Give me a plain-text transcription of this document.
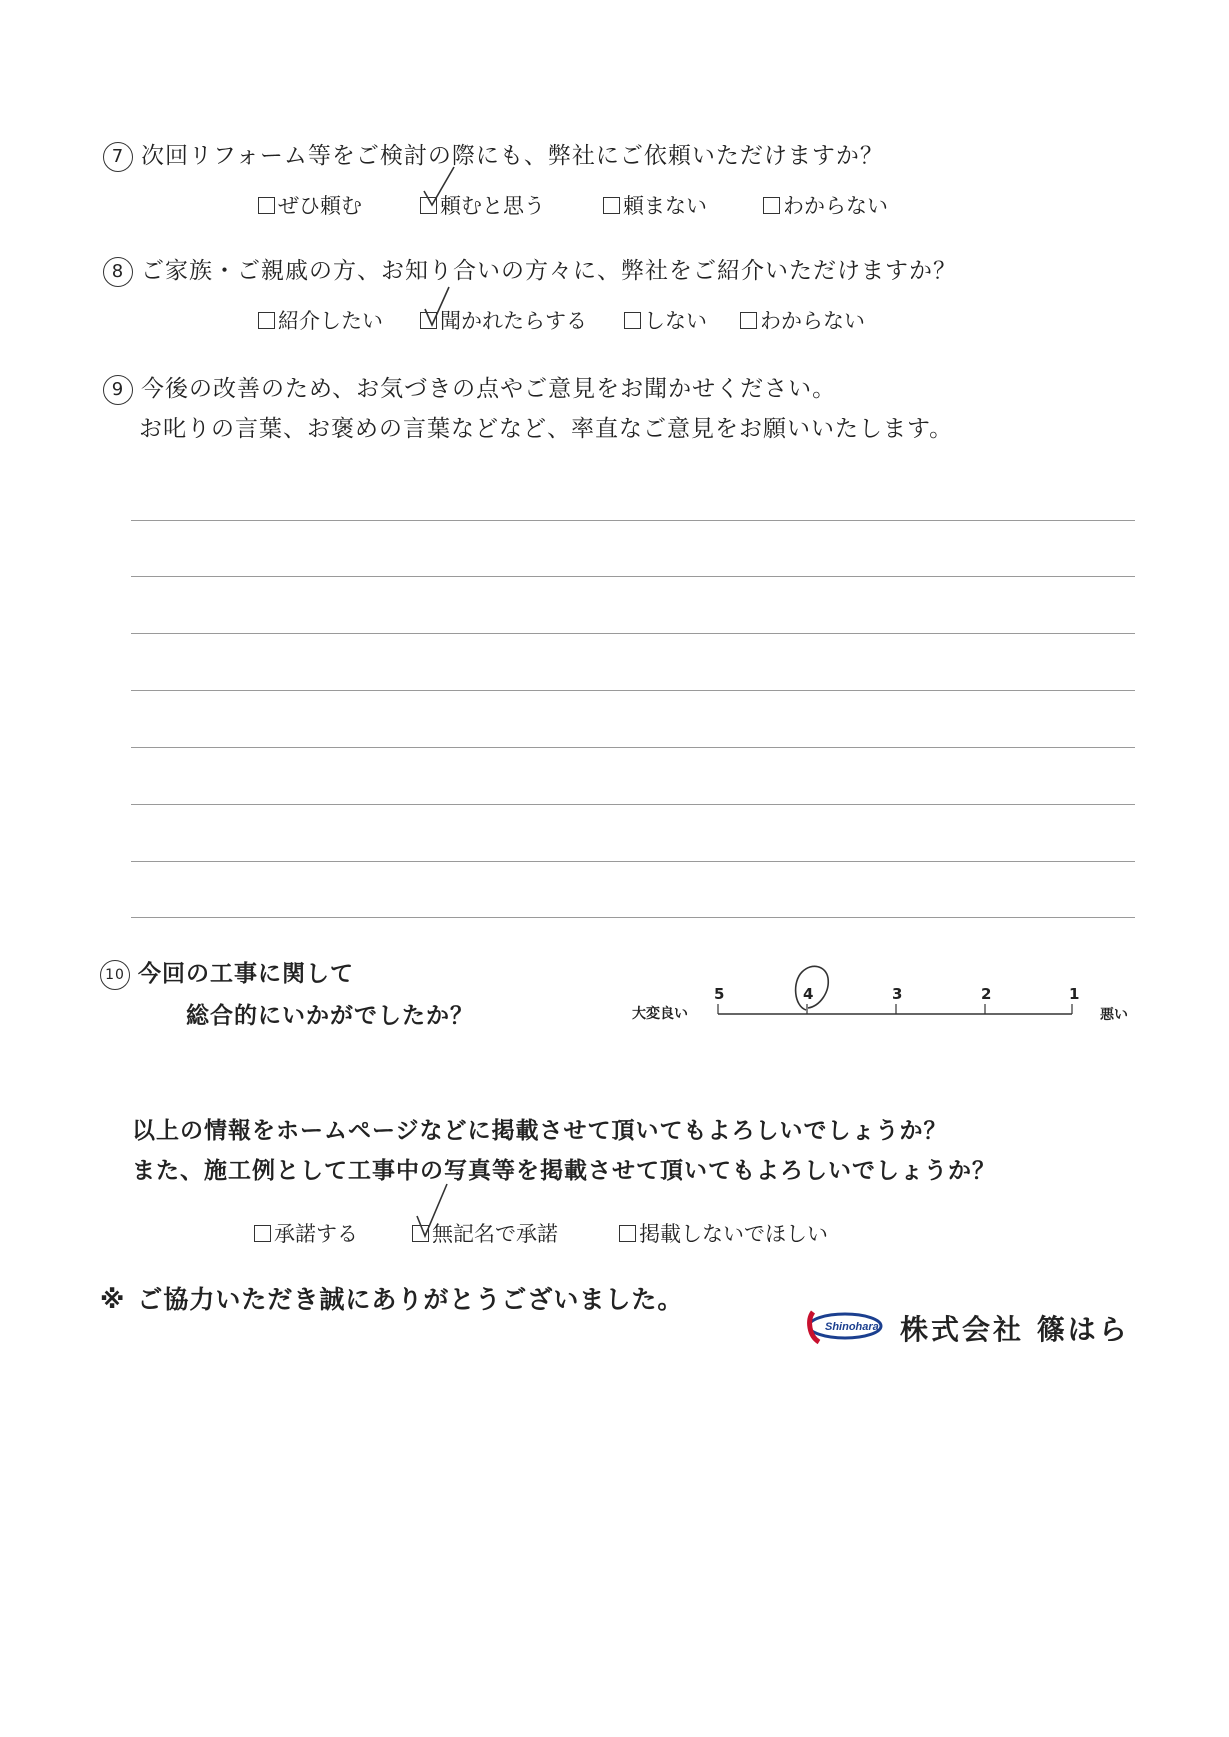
7 次回リフォーム等をご検討の際にも、弊社にご依頼いただけますか？
ぜひ頼む	頼むと思う	頼まない	わからない
8 ご家族・ご親戚の方、お知り合いの方々に、弊社をご紹介いただけますか？
紹介したい	聞かれたらする	しない	わからない
9 今後の改善のため、お気づきの点やご意見をお聞かせください。
お叱りの言葉、お褒めの言葉などなど、率直なご意見をお願いいたします。
10 今回の工事に関して
総合的にいかがでしたか？	大変良い	悪い
5	4	3	2	1
以上の情報をホームページなどに掲載させて頂いてもよろしいでしょうか？
また、施工例として工事中の写真等を掲載させて頂いてもよろしいでしょうか？
承諾する	無記名で承諾	掲載しないでほしい
※ ご協力いただき誠にありがとうございました。
Shinohara 株式会社 篠はら
